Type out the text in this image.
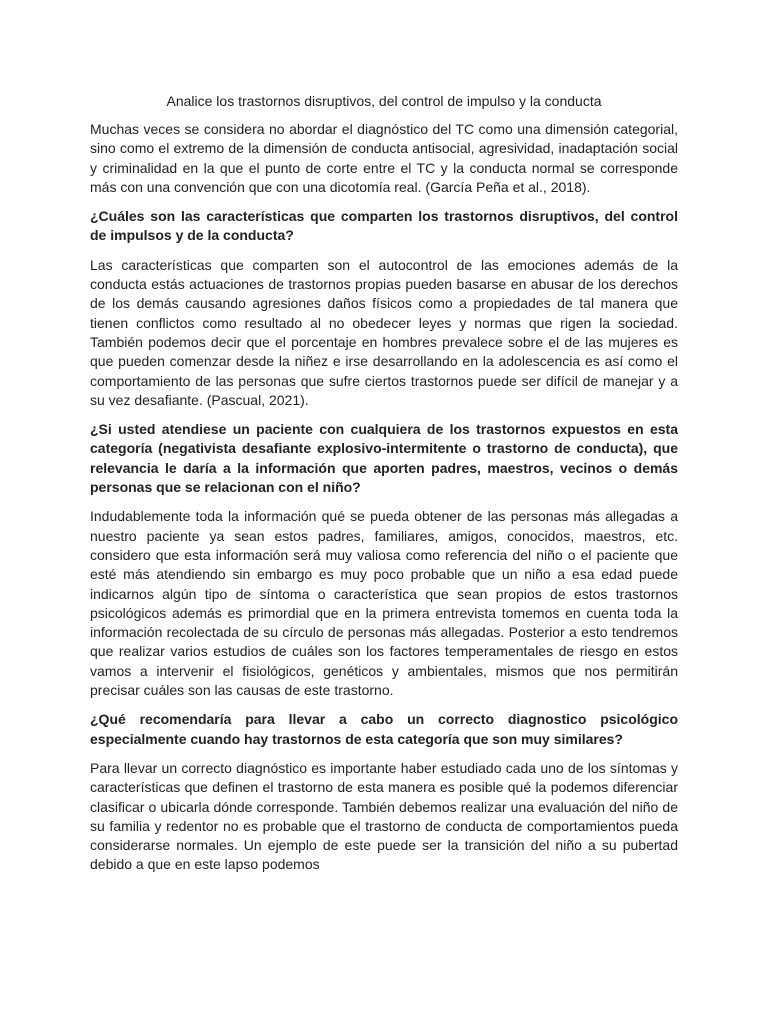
Analice los trastornos disruptivos, del control de impulso y la conducta
Muchas veces se considera no abordar el diagnóstico del TC como una dimensión categorial, sino como el extremo de la dimensión de conducta antisocial, agresividad, inadaptación social y criminalidad en la que el punto de corte entre el TC y la conducta normal se corresponde más con una convención que con una dicotomía real. (García Peña et al., 2018).
¿Cuáles son las características que comparten los trastornos disruptivos, del control de impulsos y de la conducta?
Las características que comparten son el autocontrol de las emociones además de la conducta estás actuaciones de trastornos propias pueden basarse en abusar de los derechos de los demás causando agresiones daños físicos como a propiedades de tal manera que tienen conflictos como resultado al no obedecer leyes y normas que rigen la sociedad. También podemos decir que el porcentaje en hombres prevalece sobre el de las mujeres es que pueden comenzar desde la niñez e irse desarrollando en la adolescencia es así como el comportamiento de las personas que sufre ciertos trastornos puede ser difícil de manejar y a su vez desafiante. (Pascual, 2021).
¿Si usted atendiese un paciente con cualquiera de los trastornos expuestos en esta categoría (negativista desafiante explosivo-intermitente o trastorno de conducta), que relevancia le daría a la información que aporten padres, maestros, vecinos o demás personas que se relacionan con el niño?
Indudablemente toda la información qué se pueda obtener de las personas más allegadas a nuestro paciente ya sean estos padres, familiares, amigos, conocidos, maestros, etc. considero que esta información será muy valiosa como referencia del niño o el paciente que esté más atendiendo sin embargo es muy poco probable que un niño a esa edad puede indicarnos algún tipo de síntoma o característica que sean propios de estos trastornos psicológicos además es primordial que en la primera entrevista tomemos en cuenta toda la información recolectada de su círculo de personas más allegadas. Posterior a esto tendremos que realizar varios estudios de cuáles son los factores temperamentales de riesgo en estos vamos a intervenir el fisiológicos, genéticos y ambientales, mismos que nos permitirán precisar cuáles son las causas de este trastorno.
¿Qué recomendaría para llevar a cabo un correcto diagnostico psicológico especialmente cuando hay trastornos de esta categoría que son muy similares?
Para llevar un correcto diagnóstico es importante haber estudiado cada uno de los síntomas y características que definen el trastorno de esta manera es posible qué la podemos diferenciar clasificar o ubicarla dónde corresponde. También debemos realizar una evaluación del niño de su familia y redentor no es probable que el trastorno de conducta de comportamientos pueda considerarse normales. Un ejemplo de este puede ser la transición del niño a su pubertad debido a que en este lapso podemos
